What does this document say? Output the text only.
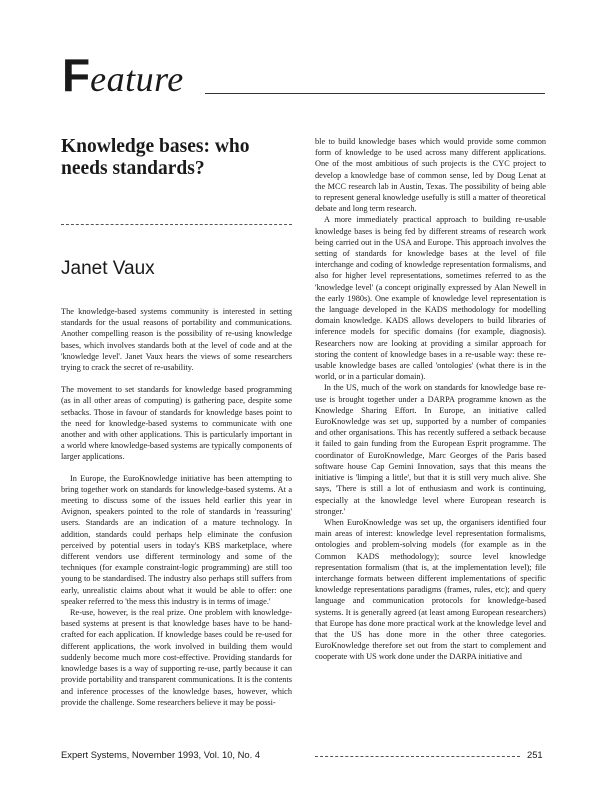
Feature
Knowledge bases: who needs standards?
Janet Vaux

The knowledge-based systems community is interested in setting standards for the usual reasons of portability and communications. Another compelling reason is the possibility of re-using knowledge bases, which involves standards both at the level of code and at the 'knowledge level'. Janet Vaux hears the views of some researchers trying to crack the secret of re-usability.

The movement to set standards for knowledge based programming (as in all other areas of computing) is gathering pace, despite some setbacks. Those in favour of standards for knowledge bases point to the need for knowledge-based systems to communicate with one another and with other applications. This is particularly important in a world where knowledge-based systems are typically components of larger applications.

In Europe, the EuroKnowledge initiative has been attempting to bring together work on standards for knowledge-based systems. At a meeting to discuss some of the issues held earlier this year in Avignon, speakers pointed to the role of standards in 'reassuring' users. Standards are an indication of a mature technology. In addition, standards could perhaps help eliminate the confusion perceived by potential users in today's KBS marketplace, where different vendors use different terminology and some of the techniques (for example constraint-logic programming) are still too young to be standardised. The industry also perhaps still suffers from early, unrealistic claims about what it would be able to offer: one speaker referred to 'the mess this industry is in terms of image.'

Re-use, however, is the real prize. One problem with knowledge-based systems at present is that knowledge bases have to be hand-crafted for each application. If knowledge bases could be re-used for different applications, the work involved in building them would suddenly become much more cost-effective. Providing standards for knowledge bases is a way of supporting re-use, partly because it can provide portability and transparent communications. It is the contents and inference processes of the knowledge bases, however, which provide the challenge. Some researchers believe it may be possi-

ble to build knowledge bases which would provide some common form of knowledge to be used across many different applications. One of the most ambitious of such projects is the CYC project to develop a knowledge base of common sense, led by Doug Lenat at the MCC research lab in Austin, Texas. The possibility of being able to represent general knowledge usefully is still a matter of theoretical debate and long term research.

A more immediately practical approach to building re-usable knowledge bases is being fed by different streams of research work being carried out in the USA and Europe. This approach involves the setting of standards for knowledge bases at the level of file interchange and coding of knowledge representation formalisms, and also for higher level representations, sometimes referred to as the 'knowledge level' (a concept originally expressed by Alan Newell in the early 1980s). One example of knowledge level representation is the language developed in the KADS methodology for modelling domain knowledge. KADS allows developers to build libraries of inference models for specific domains (for example, diagnosis). Researchers now are looking at providing a similar approach for storing the content of knowledge bases in a re-usable way: these re-usable knowledge bases are called 'ontologies' (what there is in the world, or in a particular domain).

In the US, much of the work on standards for knowledge base re-use is brought together under a DARPA programme known as the Knowledge Sharing Effort. In Europe, an initiative called EuroKnowledge was set up, supported by a number of companies and other organisations. This has recently suffered a setback because it failed to gain funding from the European Esprit programme. The coordinator of EuroKnowledge, Marc Georges of the Paris based software house Cap Gemini Innovation, says that this means the initiative is 'limping a little', but that it is still very much alive. She says, 'There is still a lot of enthusiasm and work is continuing, especially at the knowledge level where European research is stronger.'

When EuroKnowledge was set up, the organisers identified four main areas of interest: knowledge level representation formalisms, ontologies and problem-solving models (for example as in the Common KADS methodology); source level knowledge representation formalism (that is, at the implementation level); file interchange formats between different implementations of specific knowledge representations paradigms (frames, rules, etc); and query language and communication protocols for knowledge-based systems. It is generally agreed (at least among European researchers) that Europe has done more practical work at the knowledge level and that the US has done more in the other three categories. EuroKnowledge therefore set out from the start to complement and cooperate with US work done under the DARPA initiative and

Expert Systems, November 1993, Vol. 10, No. 4	251
